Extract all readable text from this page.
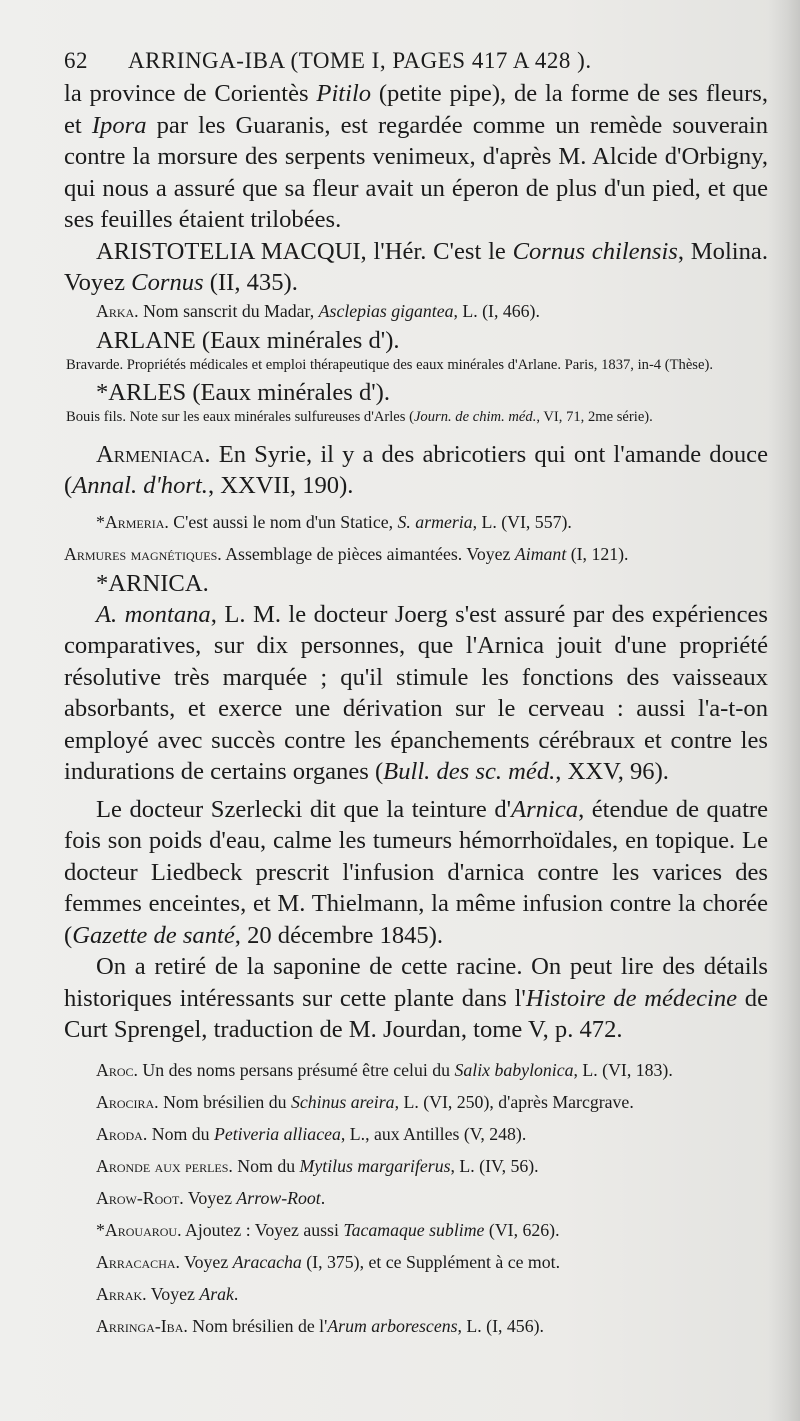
62 ARRINGA-IBA (TOME I, PAGES 417 A 428 ).

la province de Corientès Pitilo (petite pipe), de la forme de ses fleurs, et Ipora par les Guaranis, est regardée comme un remède souverain contre la morsure des serpents venimeux, d'après M. Alcide d'Orbigny, qui nous a assuré que sa fleur avait un éperon de plus d'un pied, et que ses feuilles étaient trilobées.

ARISTOTELIA MACQUI, l'Hér. C'est le Cornus chilensis, Molina. Voyez Cornus (II, 435).

Arka. Nom sanscrit du Madar, Asclepias gigantea, L. (I, 466).

ARLANE (Eaux minérales d').

Bravarde. Propriétés médicales et emploi thérapeutique des eaux minérales d'Arlane. Paris, 1837, in-4 (Thèse).

*ARLES (Eaux minérales d').

Bouis fils. Note sur les eaux minérales sulfureuses d'Arles (Journ. de chim. méd., VI, 71, 2me série).

Armeniaca. En Syrie, il y a des abricotiers qui ont l'amande douce (Annal. d'hort., XXVII, 190).

*Armeria. C'est aussi le nom d'un Statice, S. armeria, L. (VI, 557).

Armures magnétiques. Assemblage de pièces aimantées. Voyez Aimant (I, 121).

*ARNICA.

A. montana, L. M. le docteur Joerg s'est assuré par des expériences comparatives, sur dix personnes, que l'Arnica jouit d'une propriété résolutive très marquée ; qu'il stimule les fonctions des vaisseaux absorbants, et exerce une dérivation sur le cerveau : aussi l'a-t-on employé avec succès contre les épanchements cérébraux et contre les indurations de certains organes (Bull. des sc. méd., XXV, 96).

Le docteur Szerlecki dit que la teinture d'Arnica, étendue de quatre fois son poids d'eau, calme les tumeurs hémorrhoïdales, en topique. Le docteur Liedbeck prescrit l'infusion d'arnica contre les varices des femmes enceintes, et M. Thielmann, la même infusion contre la chorée (Gazette de santé, 20 décembre 1845).

On a retiré de la saponine de cette racine. On peut lire des détails historiques intéressants sur cette plante dans l'Histoire de médecine de Curt Sprengel, traduction de M. Jourdan, tome V, p. 472.

Aroc. Un des noms persans présumé être celui du Salix babylonica, L. (VI, 183).

Arocira. Nom brésilien du Schinus areira, L. (VI, 250), d'après Marcgrave.

Aroda. Nom du Petiveria alliacea, L., aux Antilles (V, 248).

Aronde aux perles. Nom du Mytilus margariferus, L. (IV, 56).

Arow-Root. Voyez Arrow-Root.

*Arouarou. Ajoutez : Voyez aussi Tacamaque sublime (VI, 626).

Arracacha. Voyez Aracacha (I, 375), et ce Supplément à ce mot.

Arrak. Voyez Arak.

Arringa-Iba. Nom brésilien de l'Arum arborescens, L. (I, 456).
